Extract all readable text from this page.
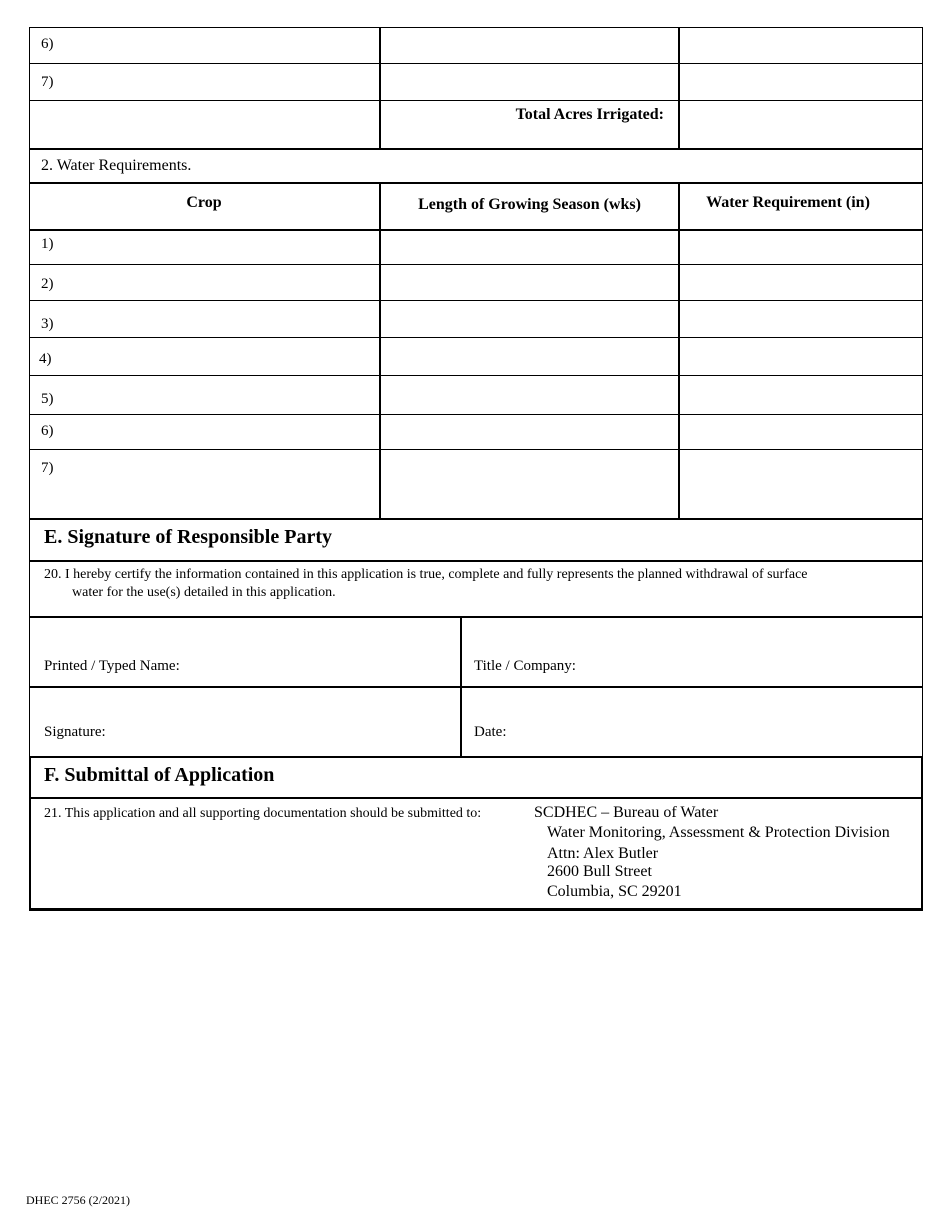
6)
7)
Total Acres Irrigated:
2. Water Requirements.
Crop	Length of Growing Season (wks)	Water Requirement (in)
1)
2)
3)
4)
5)
6)
7)
E. Signature of Responsible Party
20. I hereby certify the information contained in this application is true, complete and fully represents the planned withdrawal of surface
water for the use(s) detailed in this application.
Printed / Typed Name:	Title / Company:
Signature:	Date:
F. Submittal of Application
21. This application and all supporting documentation should be submitted to:	SCDHEC – Bureau of Water
Water Monitoring, Assessment & Protection Division
Attn: Alex Butler
2600 Bull Street
Columbia, SC 29201
DHEC 2756 (2/2021)
